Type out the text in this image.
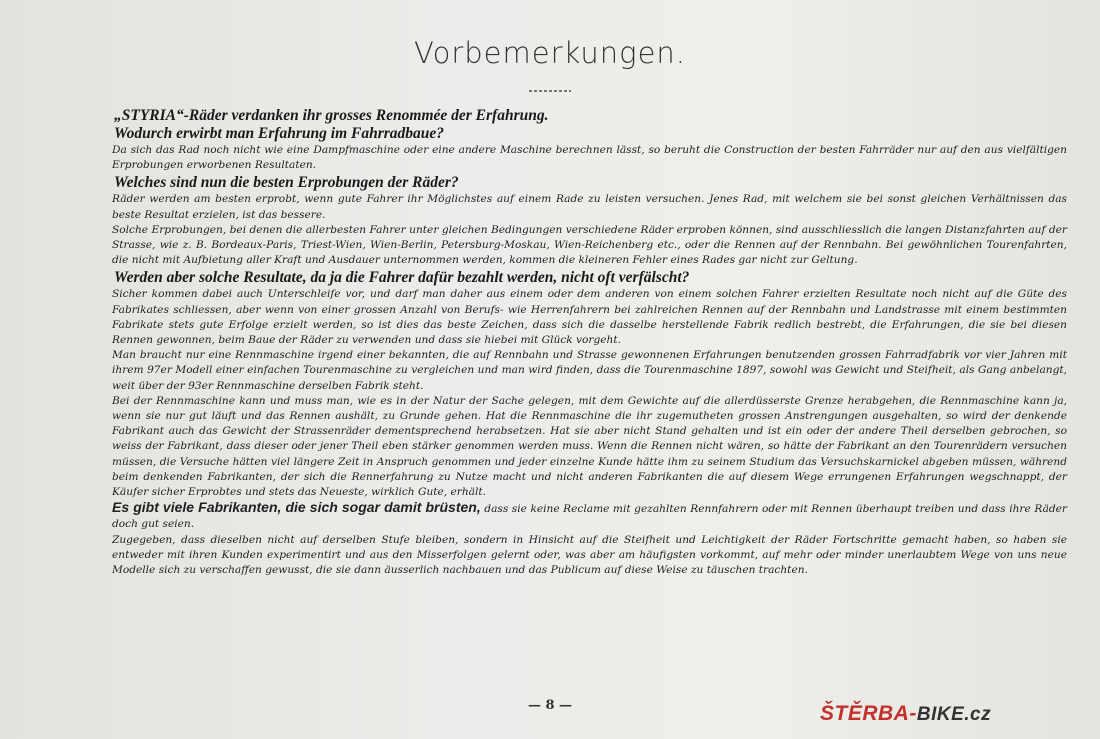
Vorbemerkungen.
„STYRIA“-Räder verdanken ihr grosses Renommée der Erfahrung.
Wodurch erwirbt man Erfahrung im Fahrradbaue?

Da sich das Rad noch nicht wie eine Dampfmaschine oder eine andere Maschine berechnen lässt, so beruht die Construction der besten Fahrräder nur auf den aus vielfältigen Erprobungen erworbenen Resultaten.

Welches sind nun die besten Erprobungen der Räder?

Räder werden am besten erprobt, wenn gute Fahrer ihr Möglichstes auf einem Rade zu leisten versuchen. Jenes Rad, mit welchem sie bei sonst gleichen Verhältnissen das beste Resultat erzielen, ist das bessere.

Solche Erprobungen, bei denen die allerbesten Fahrer unter gleichen Bedingungen verschiedene Räder erproben können, sind ausschliesslich die langen Distanzfahrten auf der Strasse, wie z. B. Bordeaux-Paris, Triest-Wien, Wien-Berlin, Petersburg-Moskau, Wien-Reichenberg etc., oder die Rennen auf der Rennbahn. Bei gewöhnlichen Tourenfahrten, die nicht mit Aufbietung aller Kraft und Ausdauer unternommen werden, kommen die kleineren Fehler eines Rades gar nicht zur Geltung.

Werden aber solche Resultate, da ja die Fahrer dafür bezahlt werden, nicht oft verfälscht?

Sicher kommen dabei auch Unterschleife vor, und darf man daher aus einem oder dem anderen von einem solchen Fahrer erzielten Resultate noch nicht auf die Güte des Fabrikates schliessen, aber wenn von einer grossen Anzahl von Berufs- wie Herrenfahrern bei zahlreichen Rennen auf der Rennbahn und Landstrasse mit einem bestimmten Fabrikate stets gute Erfolge erzielt werden, so ist dies das beste Zeichen, dass sich die dasselbe herstellende Fabrik redlich bestrebt, die Erfahrungen, die sie bei diesen Rennen gewonnen, beim Baue der Räder zu verwenden und dass sie hiebei mit Glück vorgeht.

Man braucht nur eine Rennmaschine irgend einer bekannten, die auf Rennbahn und Strasse gewonnenen Erfahrungen benutzenden grossen Fahrradfabrik vor vier Jahren mit ihrem 97er Modell einer einfachen Tourenmaschine zu vergleichen und man wird finden, dass die Tourenmaschine 1897, sowohl was Gewicht und Steifheit, als Gang anbelangt, weit über der 93er Rennmaschine derselben Fabrik steht.

Bei der Rennmaschine kann und muss man, wie es in der Natur der Sache gelegen, mit dem Gewichte auf die allerdüsserste Grenze herabgehen, die Rennmaschine kann ja, wenn sie nur gut läuft und das Rennen aushält, zu Grunde gehen. Hat die Rennmaschine die ihr zugemutheten grossen Anstrengungen ausgehalten, so wird der denkende Fabrikant auch das Gewicht der Strassenräder dementsprechend herabsetzen. Hat sie aber nicht Stand gehalten und ist ein oder der andere Theil derselben gebrochen, so weiss der Fabrikant, dass dieser oder jener Theil eben stärker genommen werden muss. Wenn die Rennen nicht wären, so hätte der Fabrikant an den Tourenrädern versuchen müssen, die Versuche hätten viel längere Zeit in Anspruch genommen und jeder einzelne Kunde hätte ihm zu seinem Studium das Versuchskarnickel abgeben müssen, während beim denkenden Fabrikanten, der sich die Rennerfahrung zu Nutze macht und nicht anderen Fabrikanten die auf diesem Wege errungenen Erfahrungen wegschnappt, der Käufer sicher Erprobtes und stets das Neueste, wirklich Gute, erhält.

Es gibt viele Fabrikanten, die sich sogar damit brüsten, dass sie keine Reclame mit gezahlten Rennfahrern oder mit Rennen überhaupt treiben und dass ihre Räder doch gut seien.

Zugegeben, dass dieselben nicht auf derselben Stufe bleiben, sondern in Hinsicht auf die Steifheit und Leichtigkeit der Räder Fortschritte gemacht haben, so haben sie entweder mit ihren Kunden experimentirt und aus den Misserfolgen gelernt oder, was aber am häufigsten vorkommt, auf mehr oder minder unerlaubtem Wege von uns neue Modelle sich zu verschaffen gewusst, die sie dann äusserlich nachbauen und das Publicum auf diese Weise zu täuschen trachten.

— 8 —	ŠTĚRBA-BIKE.cz
